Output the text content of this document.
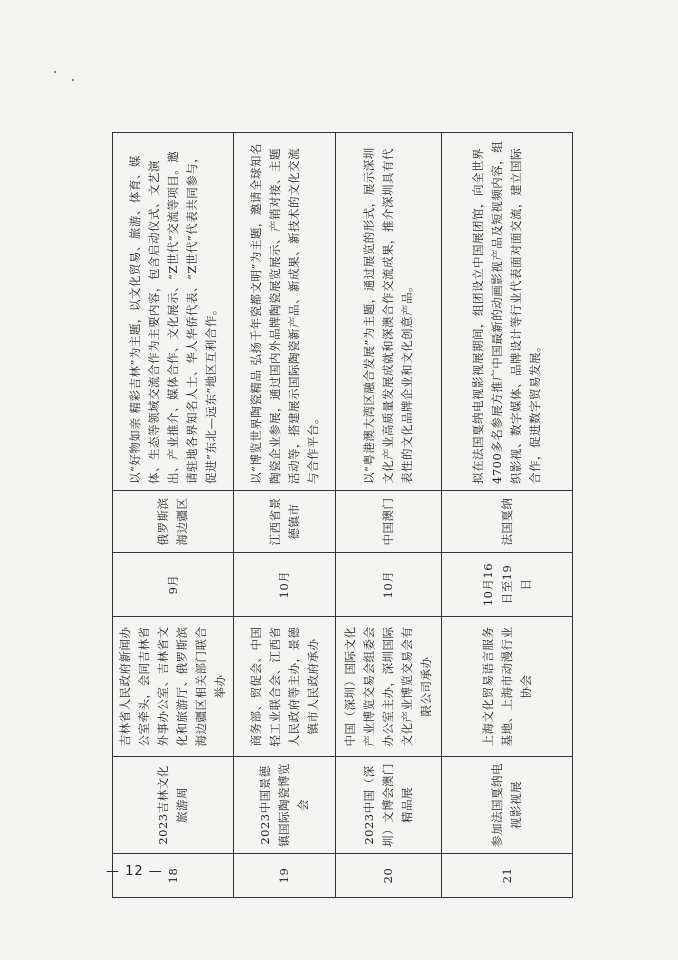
18	2023吉林文化旅游周	吉林省人民政府新闻办公室牵头，会同吉林省外事办公室、吉林省文化和旅游厅、俄罗斯滨海边疆区相关部门联合举办	9月	俄罗斯滨海边疆区	以“好物如亲 精彩吉林”为主题，以文化贸易、旅游、体育、媒体、生态等领域交流合作为主要内容，包含启动仪式、文艺演出、产业推介、媒体合作、文化展示、“Z世代”交流等项目。邀请驻地各界知名人士、华人华侨代表、“Z世代”代表共同参与，促进“东北—远东”地区互利合作。
19	2023中国景德镇国际陶瓷博览会	商务部、贸促会、中国轻工业联合会、江西省人民政府等主办，景德镇市人民政府承办	10月	江西省景德镇市	以“博览世界陶瓷精品 弘扬千年瓷都文明”为主题，邀请全球知名陶瓷企业参展，通过国内外品牌陶瓷展览展示、产销对接、主题活动等，搭建展示国际陶瓷新产品、新成果、新技术的文化交流与合作平台。
20	2023中国（深圳）文博会澳门精品展	中国（深圳）国际文化产业博览交易会组委会办公室主办，深圳国际文化产业博览交易会有限公司承办	10月	中国澳门	以“粤港澳大湾区融合发展”为主题，通过展览的形式，展示深圳文化产业高质量发展成就和深澳合作交流成果，推介深圳具有代表性的文化品牌企业和文化创意产品。
21	参加法国戛纳电视影视展	上海文化贸易语言服务基地、上海市动漫行业协会	10月16日至19日	法国戛纳	拟在法国戛纳电视影视展期间，组团设立中国展团馆，向全世界4700多名参展方推广中国最新的动画影视产品及短视频内容，组织影视、数字媒体、品牌设计等行业代表面对面交流，建立国际合作，促进数字贸易发展。
— 12 —
